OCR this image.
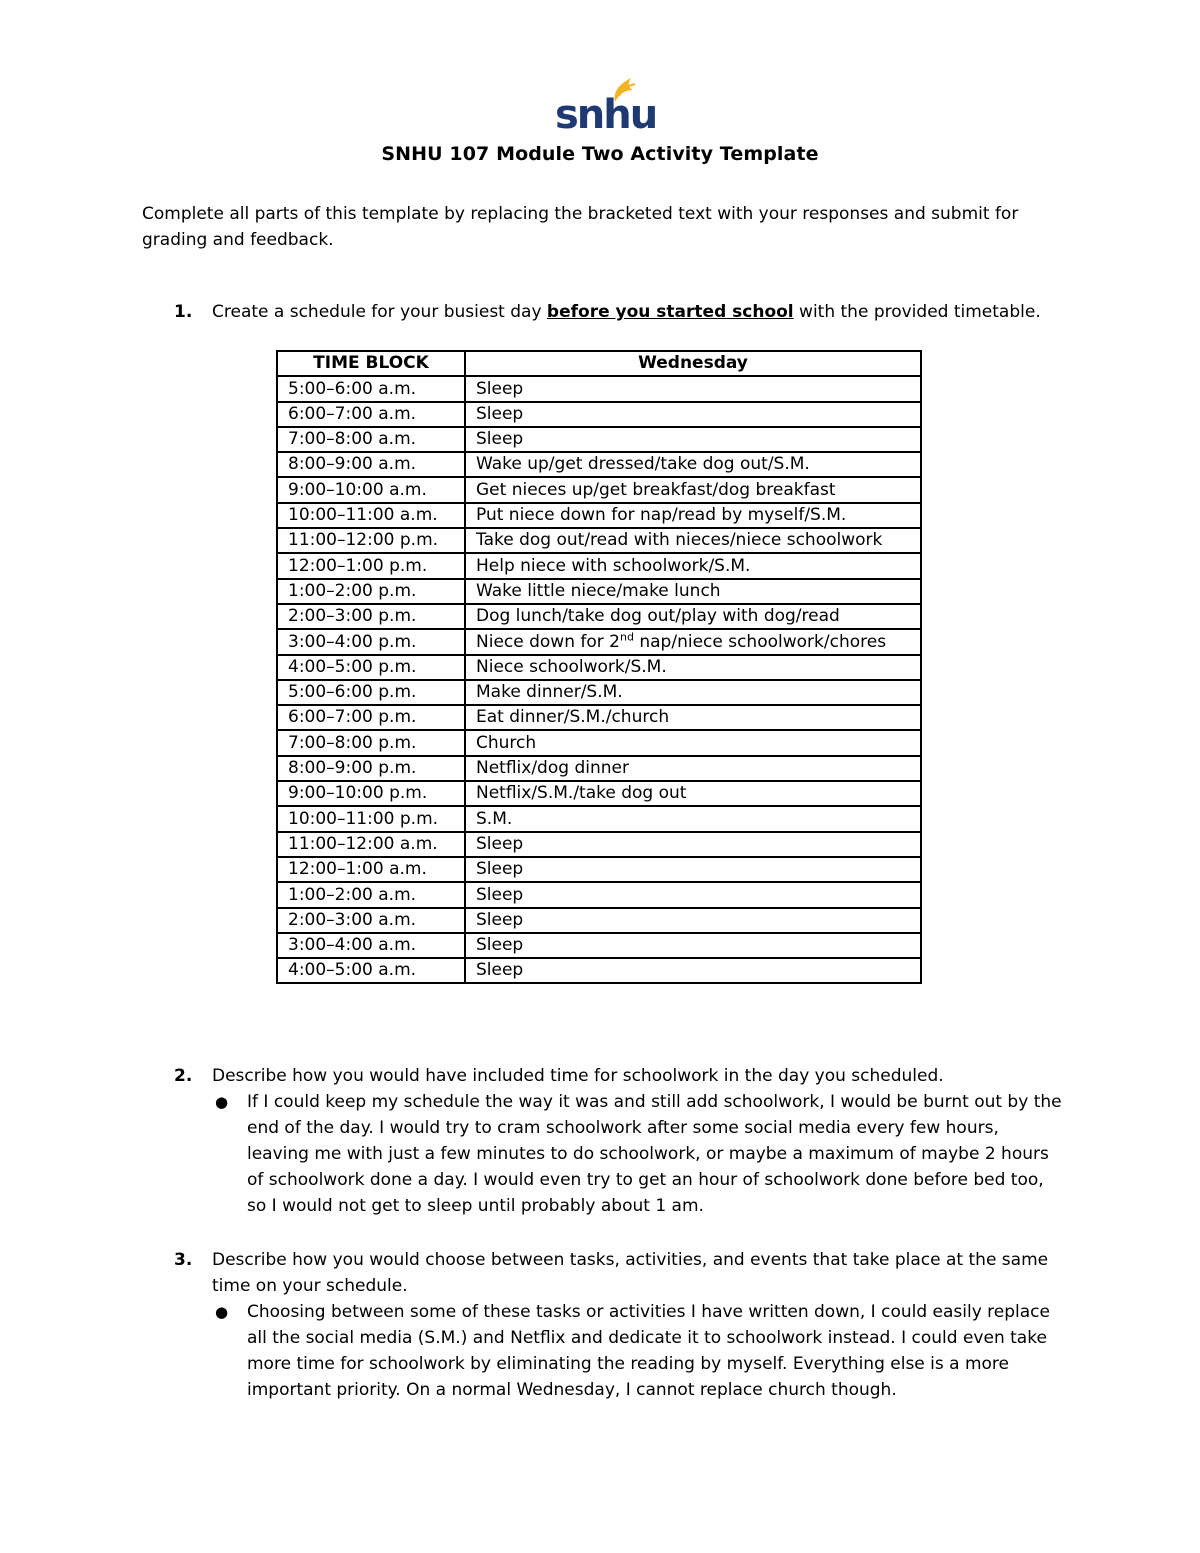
snhu
SNHU 107 Module Two Activity Template
Complete all parts of this template by replacing the bracketed text with your responses and submit for grading and feedback.
1. Create a schedule for your busiest day before you started school with the provided timetable.
TIME BLOCK	Wednesday
5:00–6:00 a.m.	Sleep
6:00–7:00 a.m.	Sleep
7:00–8:00 a.m.	Sleep
8:00–9:00 a.m.	Wake up/get dressed/take dog out/S.M.
9:00–10:00 a.m.	Get nieces up/get breakfast/dog breakfast
10:00–11:00 a.m.	Put niece down for nap/read by myself/S.M.
11:00–12:00 p.m.	Take dog out/read with nieces/niece schoolwork
12:00–1:00 p.m.	Help niece with schoolwork/S.M.
1:00–2:00 p.m.	Wake little niece/make lunch
2:00–3:00 p.m.	Dog lunch/take dog out/play with dog/read
3:00–4:00 p.m.	Niece down for 2nd nap/niece schoolwork/chores
4:00–5:00 p.m.	Niece schoolwork/S.M.
5:00–6:00 p.m.	Make dinner/S.M.
6:00–7:00 p.m.	Eat dinner/S.M./church
7:00–8:00 p.m.	Church
8:00–9:00 p.m.	Netflix/dog dinner
9:00–10:00 p.m.	Netflix/S.M./take dog out
10:00–11:00 p.m.	S.M.
11:00–12:00 a.m.	Sleep
12:00–1:00 a.m.	Sleep
1:00–2:00 a.m.	Sleep
2:00–3:00 a.m.	Sleep
3:00–4:00 a.m.	Sleep
4:00–5:00 a.m.	Sleep
2. Describe how you would have included time for schoolwork in the day you scheduled.
● If I could keep my schedule the way it was and still add schoolwork, I would be burnt out by the end of the day. I would try to cram schoolwork after some social media every few hours, leaving me with just a few minutes to do schoolwork, or maybe a maximum of maybe 2 hours of schoolwork done a day. I would even try to get an hour of schoolwork done before bed too, so I would not get to sleep until probably about 1 am.
3. Describe how you would choose between tasks, activities, and events that take place at the same time on your schedule.
● Choosing between some of these tasks or activities I have written down, I could easily replace all the social media (S.M.) and Netflix and dedicate it to schoolwork instead. I could even take more time for schoolwork by eliminating the reading by myself. Everything else is a more important priority. On a normal Wednesday, I cannot replace church though.
